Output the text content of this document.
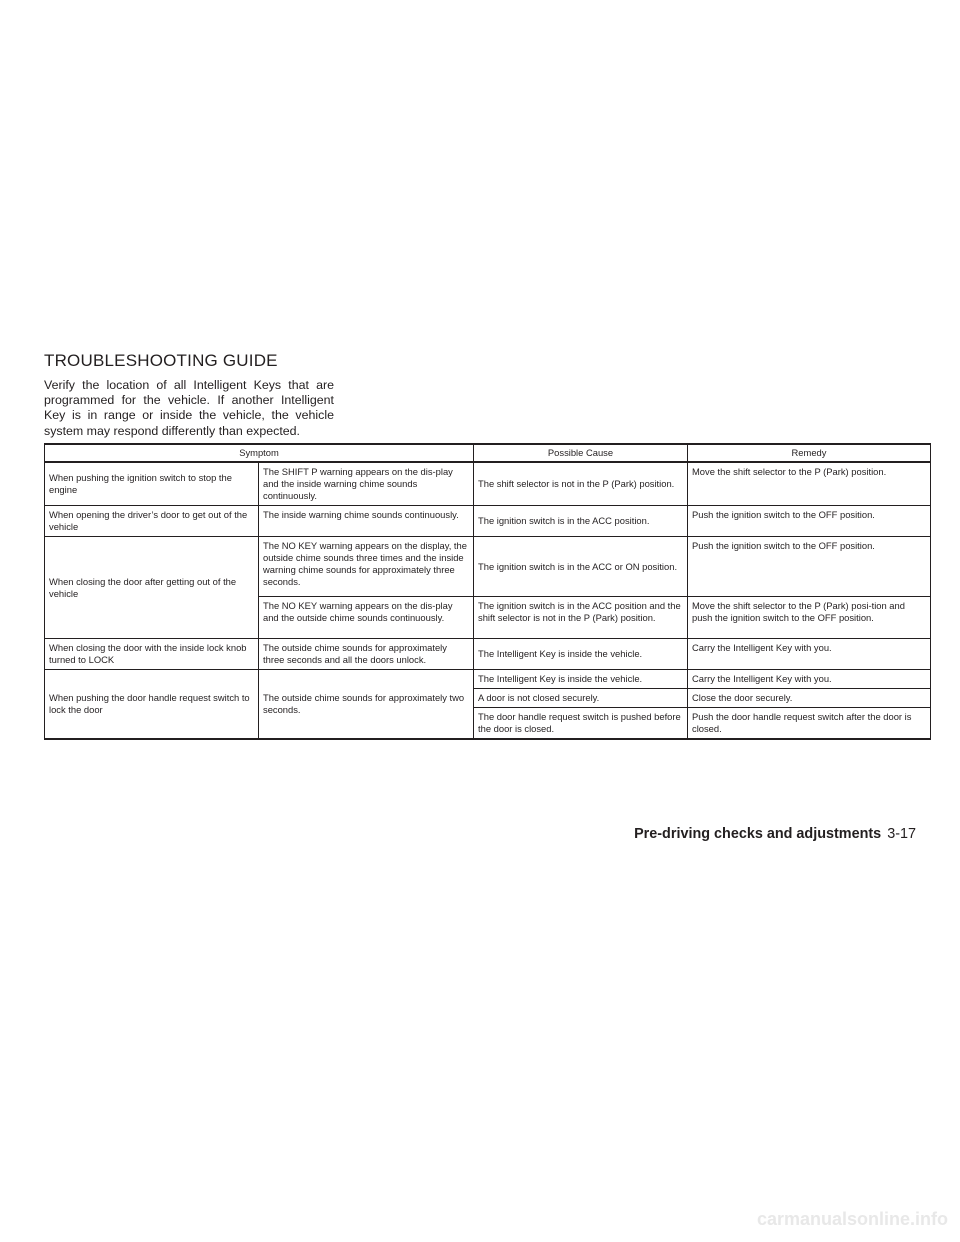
TROUBLESHOOTING GUIDE

Verify the location of all Intelligent Keys that are programmed for the vehicle. If another Intelligent Key is in range or inside the vehicle, the vehicle system may respond differently than expected.

Symptom		Possible Cause	Remedy
When pushing the ignition switch to stop the engine	The SHIFT P warning appears on the dis-play and the inside warning chime sounds continuously.	The shift selector is not in the P (Park) position.	Move the shift selector to the P (Park) position.
When opening the driver’s door to get out of the vehicle	The inside warning chime sounds continuously.	The ignition switch is in the ACC position.	Push the ignition switch to the OFF position.
When closing the door after getting out of the vehicle	The NO KEY warning appears on the display, the outside chime sounds three times and the inside warning chime sounds for approximately three seconds.	The ignition switch is in the ACC or ON position.	Push the ignition switch to the OFF position.
	The NO KEY warning appears on the dis-play and the outside chime sounds continuously.	The ignition switch is in the ACC position and the shift selector is not in the P (Park) position.	Move the shift selector to the P (Park) posi-tion and push the ignition switch to the OFF position.
When closing the door with the inside lock knob turned to LOCK	The outside chime sounds for approximately three seconds and all the doors unlock.	The Intelligent Key is inside the vehicle.	Carry the Intelligent Key with you.
When pushing the door handle request switch to lock the door	The outside chime sounds for approximately two seconds.	The Intelligent Key is inside the vehicle.	Carry the Intelligent Key with you.
		A door is not closed securely.	Close the door securely.
		The door handle request switch is pushed before the door is closed.	Push the door handle request switch after the door is closed.
Pre-driving checks and adjustments 3-17
carmanualsonline.info
